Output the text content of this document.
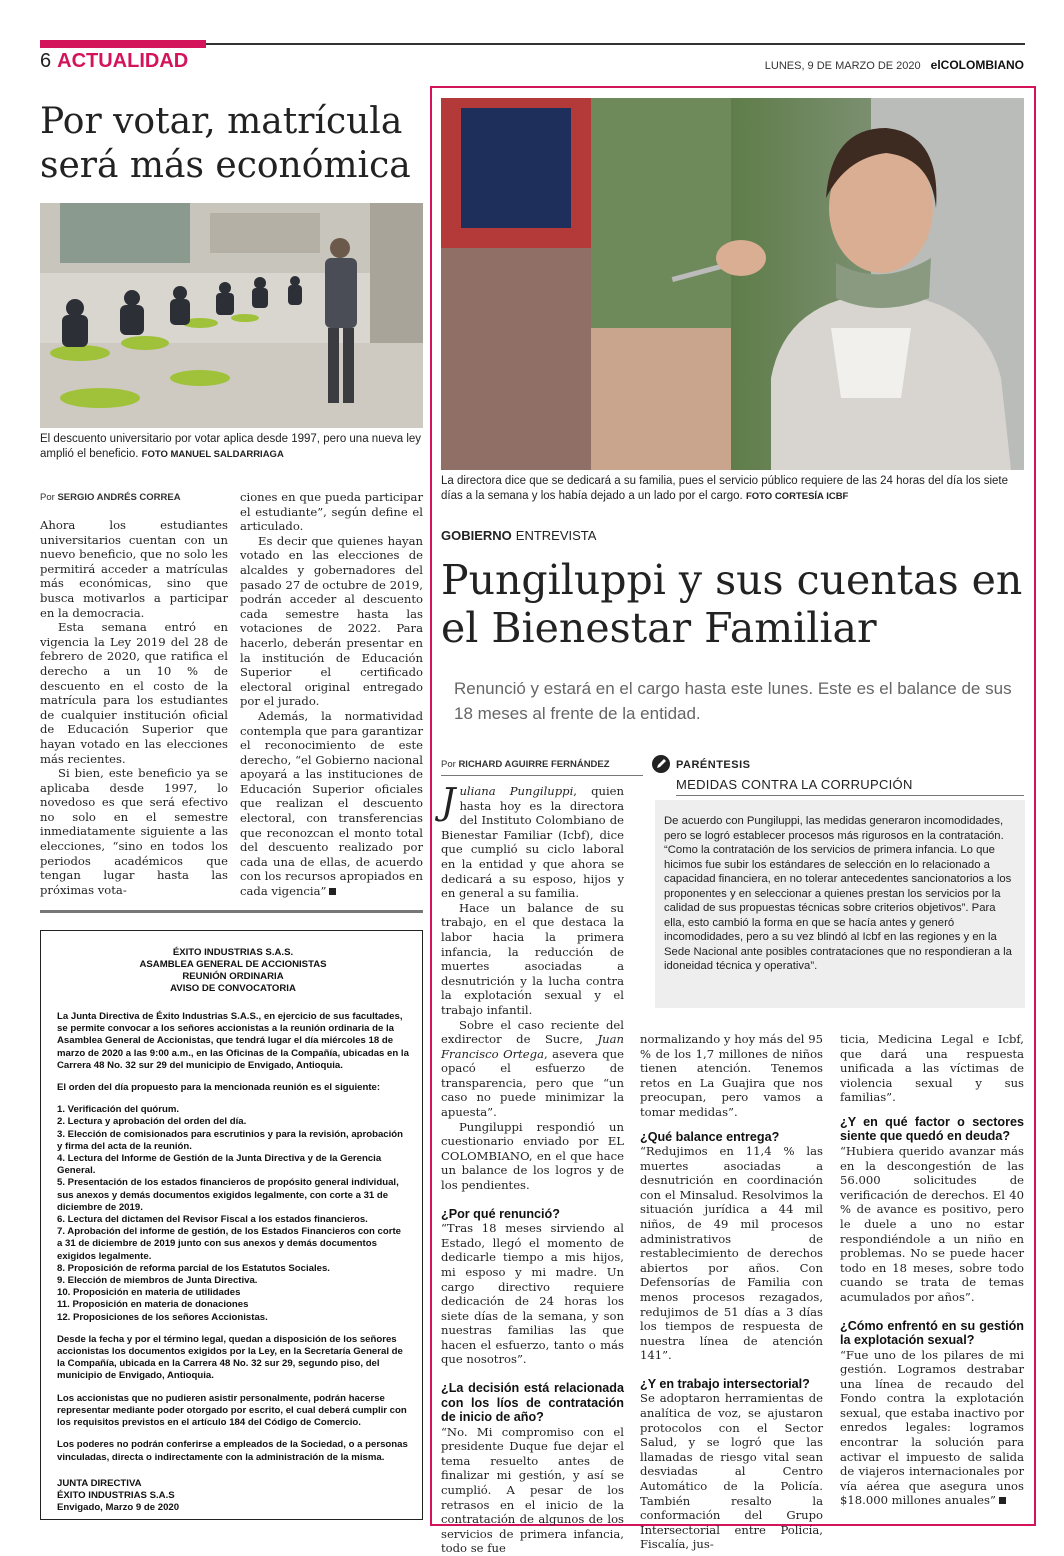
6 ACTUALIDAD	LUNES, 9 DE MARZO DE 2020 elCOLOMBIANO
Por votar, matrícula será más económica
El descuento universitario por votar aplica desde 1997, pero una nueva ley amplió el beneficio. FOTO MANUEL SALDARRIAGA
Por SERGIO ANDRÉS CORREA

Ahora los estudiantes universitarios cuentan con un nuevo beneficio, que no solo les permitirá acceder a matrículas más económicas, sino que busca motivarlos a participar en la democracia.

Esta semana entró en vigencia la Ley 2019 del 28 de febrero de 2020, que ratifica el derecho a un 10 % de descuento en el costo de la matrícula para los estudiantes de cualquier institución oficial de Educación Superior que hayan votado en las elecciones más recientes.

Si bien, este beneficio ya se aplicaba desde 1997, lo novedoso es que será efectivo no solo en el semestre inmediatamente siguiente a las elecciones, “sino en todos los periodos académicos que tengan lugar hasta las próximas vota-

ciones en que pueda participar el estudiante”, según define el articulado.

Es decir que quienes hayan votado en las elecciones de alcaldes y gobernadores del pasado 27 de octubre de 2019, podrán acceder al descuento cada semestre hasta las votaciones de 2022. Para hacerlo, deberán presentar en la institución de Educación Superior el certificado electoral original entregado por el jurado.

Además, la normatividad contempla que para garantizar el reconocimiento de este derecho, “el Gobierno nacional apoyará a las instituciones de Educación Superior oficiales que realizan el descuento electoral, con transferencias que reconozcan el monto total del descuento realizado por cada una de ellas, de acuerdo con los recursos apropiados en cada vigencia”

ÉXITO INDUSTRIAS S.A.S.
ASAMBLEA GENERAL DE ACCIONISTAS
REUNIÓN ORDINARIA
AVISO DE CONVOCATORIA

La Junta Directiva de Éxito Industrias S.A.S., en ejercicio de sus facultades, se permite convocar a los señores accionistas a la reunión ordinaria de la Asamblea General de Accionistas, que tendrá lugar el día miércoles 18 de marzo de 2020 a las 9:00 a.m., en las Oficinas de la Compañía, ubicadas en la Carrera 48 No. 32 sur 29 del municipio de Envigado, Antioquia.

El orden del día propuesto para la mencionada reunión es el siguiente:

1. Verificación del quórum.
2. Lectura y aprobación del orden del día.
3. Elección de comisionados para escrutinios y para la revisión, aprobación y firma del acta de la reunión.
4. Lectura del Informe de Gestión de la Junta Directiva y de la Gerencia General.
5. Presentación de los estados financieros de propósito general individual, sus anexos y demás documentos exigidos legalmente, con corte a 31 de diciembre de 2019.
6. Lectura del dictamen del Revisor Fiscal a los estados financieros.
7. Aprobación del informe de gestión, de los Estados Financieros con corte a 31 de diciembre de 2019 junto con sus anexos y demás documentos exigidos legalmente.
8. Proposición de reforma parcial de los Estatutos Sociales.
9. Elección de miembros de Junta Directiva.
10. Proposición en materia de utilidades
11. Proposición en materia de donaciones
12. Proposiciones de los señores Accionistas.

Desde la fecha y por el término legal, quedan a disposición de los señores accionistas los documentos exigidos por la Ley, en la Secretaría General de la Compañía, ubicada en la Carrera 48 No. 32 sur 29, segundo piso, del municipio de Envigado, Antioquia.

Los accionistas que no pudieren asistir personalmente, podrán hacerse representar mediante poder otorgado por escrito, el cual deberá cumplir con los requisitos previstos en el artículo 184 del Código de Comercio.

Los poderes no podrán conferirse a empleados de la Sociedad, o a personas vinculadas, directa o indirectamente con la administración de la misma.

JUNTA DIRECTIVA
ÉXITO INDUSTRIAS S.A.S
Envigado, Marzo 9 de 2020

La directora dice que se dedicará a su familia, pues el servicio público requiere de las 24 horas del día los siete días a la semana y los había dejado a un lado por el cargo. FOTO CORTESÍA ICBF
GOBIERNO ENTREVISTA
Pungiluppi y sus cuentas en el Bienestar Familiar
Renunció y estará en el cargo hasta este lunes. Este es el balance de sus 18 meses al frente de la entidad.
Por RICHARD AGUIRRE FERNÁNDEZ	PARÉNTESIS
MEDIDAS CONTRA LA CORRUPCIÓN
De acuerdo con Pungiluppi, las medidas generaron incomodidades, pero se logró establecer procesos más rigurosos en la contratación. “Como la contratación de los servicios de primera infancia. Lo que hicimos fue subir los estándares de selección en lo relacionado a capacidad financiera, en no tolerar antecedentes sancionatorios a los proponentes y en seleccionar a quienes prestan los servicios por la calidad de sus propuestas técnicas sobre criterios objetivos”. Para ella, esto cambió la forma en que se hacía antes y generó incomodidades, pero a su vez blindó al Icbf en las regiones y en la Sede Nacional ante posibles contrataciones que no respondieran a la idoneidad técnica y operativa”.

Juliana Pungiluppi, quien hasta hoy es la directora del Instituto Colombiano de Bienestar Familiar (Icbf), dice que cumplió su ciclo laboral en la entidad y que ahora se dedicará a su esposo, hijos y en general a su familia.

Hace un balance de su trabajo, en el que destaca la labor hacia la primera infancia, la reducción de muertes asociadas a desnutrición y la lucha contra la explotación sexual y el trabajo infantil.

Sobre el caso reciente del exdirector de Sucre, Juan Francisco Ortega, asevera que opacó el esfuerzo de transparencia, pero que “un caso no puede minimizar la apuesta”.

Pungiluppi respondió un cuestionario enviado por EL COLOMBIANO, en el que hace un balance de los logros y de los pendientes.

¿Por qué renunció?

“Tras 18 meses sirviendo al Estado, llegó el momento de dedicarle tiempo a mis hijos, mi esposo y mi madre. Un cargo directivo requiere dedicación de 24 horas los siete días de la semana, y son nuestras familias las que hacen el esfuerzo, tanto o más que nosotros”.

¿La decisión está relacionada con los líos de contratación de inicio de año?

“No. Mi compromiso con el presidente Duque fue dejar el tema resuelto antes de finalizar mi gestión, y así se cumplió. A pesar de los retrasos en el inicio de la contratación de algunos de los servicios de primera infancia, todo se fue

normalizando y hoy más del 95 % de los 1,7 millones de niños tienen atención. Tenemos retos en La Guajira que nos preocupan, pero vamos a tomar medidas”.

¿Qué balance entrega?

“Redujimos en 11,4 % las muertes asociadas a desnutrición en coordinación con el Minsalud. Resolvimos la situación jurídica a 44 mil niños, de 49 mil procesos administrativos de restablecimiento de derechos abiertos por años. Con Defensorías de Familia con menos procesos rezagados, redujimos de 51 días a 3 días los tiempos de respuesta de nuestra línea de atención 141”.

¿Y en trabajo intersectorial?

Se adoptaron herramientas de analítica de voz, se ajustaron protocolos con el Sector Salud, y se logró que las llamadas de riesgo vital sean desviadas al Centro Automático de la Policía. También resalto la conformación del Grupo Intersectorial entre Policía, Fiscalía, jus-

ticia, Medicina Legal e Icbf, que dará una respuesta unificada a las víctimas de violencia sexual y sus familias”.

¿Y en qué factor o sectores siente que quedó en deuda?

“Hubiera querido avanzar más en la descongestión de las 56.000 solicitudes de verificación de derechos. El 40 % de avance es positivo, pero le duele a uno no estar respondiéndole a un niño en problemas. No se puede hacer todo en 18 meses, sobre todo cuando se trata de temas acumulados por años”.

¿Cómo enfrentó en su gestión la explotación sexual?

“Fue uno de los pilares de mi gestión. Logramos destrabar una línea de recaudo del Fondo contra la explotación sexual, que estaba inactivo por enredos legales: logramos encontrar la solución para activar el impuesto de salida de viajeros internacionales por vía aérea que asegura unos $18.000 millones anuales”
